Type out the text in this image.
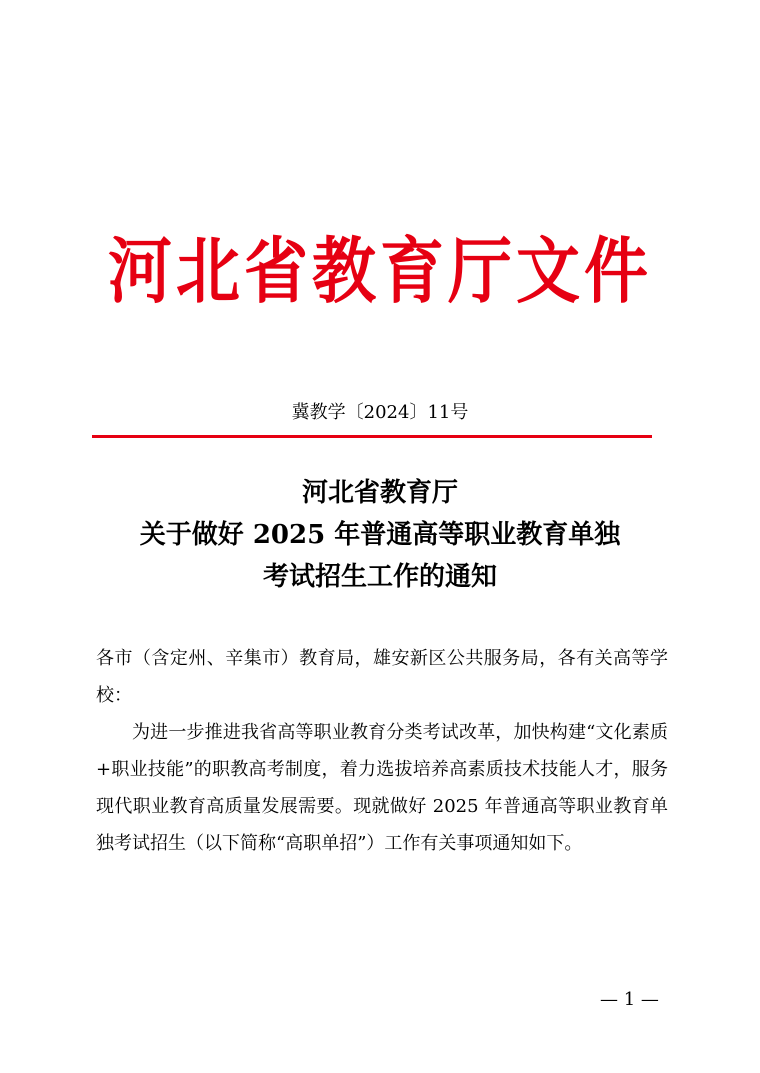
河北省教育厅文件
冀教学〔2024〕11号
河北省教育厅
关于做好 2025 年普通高等职业教育单独
考试招生工作的通知

各市（含定州、辛集市）教育局，雄安新区公共服务局，各有关高等学校：

为进一步推进我省高等职业教育分类考试改革，加快构建“文化素质+职业技能”的职教高考制度，着力选拔培养高素质技术技能人才，服务现代职业教育高质量发展需要。现就做好 2025 年普通高等职业教育单独考试招生（以下简称“高职单招”）工作有关事项通知如下。

— 1 —
